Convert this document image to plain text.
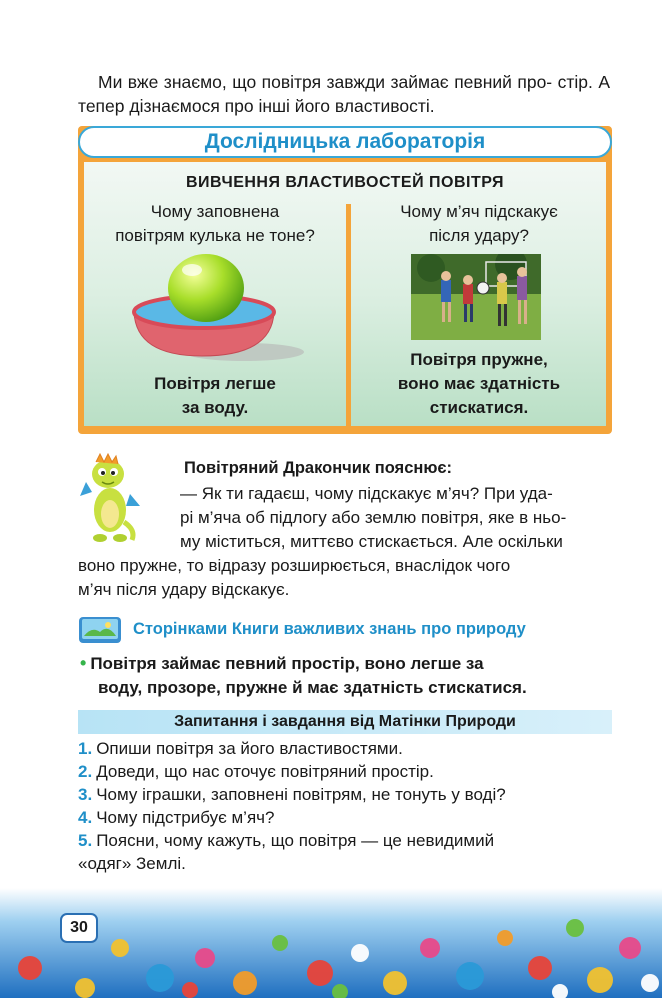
Ми вже знаємо, що повітря завжди займає певний про- стір. А тепер дізнаємося про інші його властивості.
Дослідницька лабораторія
ВИВЧЕННЯ ВЛАСТИВОСТЕЙ ПОВІТРЯ
Чому заповнена
повітрям кулька не тоне?
Повітря легше
за воду.
Чому м’яч підскакує
після удару?
Повітря пружне,
воно має здатність
стискатися.
Повітряний Дракончик пояснює:
— Як ти гадаєш, чому підскакує м’яч? При уда-
рі м’яча об підлогу або землю повітря, яке в ньо-
му міститься, миттєво стискається. Але оскільки
воно пружне, то відразу розширюється, внаслідок чого
м’яч після удару відскакує.
Сторінками Книги важливих знань про природу
• Повітря займає певний простір, воно легше за
воду, прозоре, пружне й має здатність стискатися.
Запитання і завдання від Матінки Природи
1. Опиши повітря за його властивостями.
2. Доведи, що нас оточує повітряний простір.
3. Чому іграшки, заповнені повітрям, не тонуть у воді?
4. Чому підстрибує м’яч?
5. Поясни, чому кажуть, що повітря — це невидимий
«одяг» Землі.
30
